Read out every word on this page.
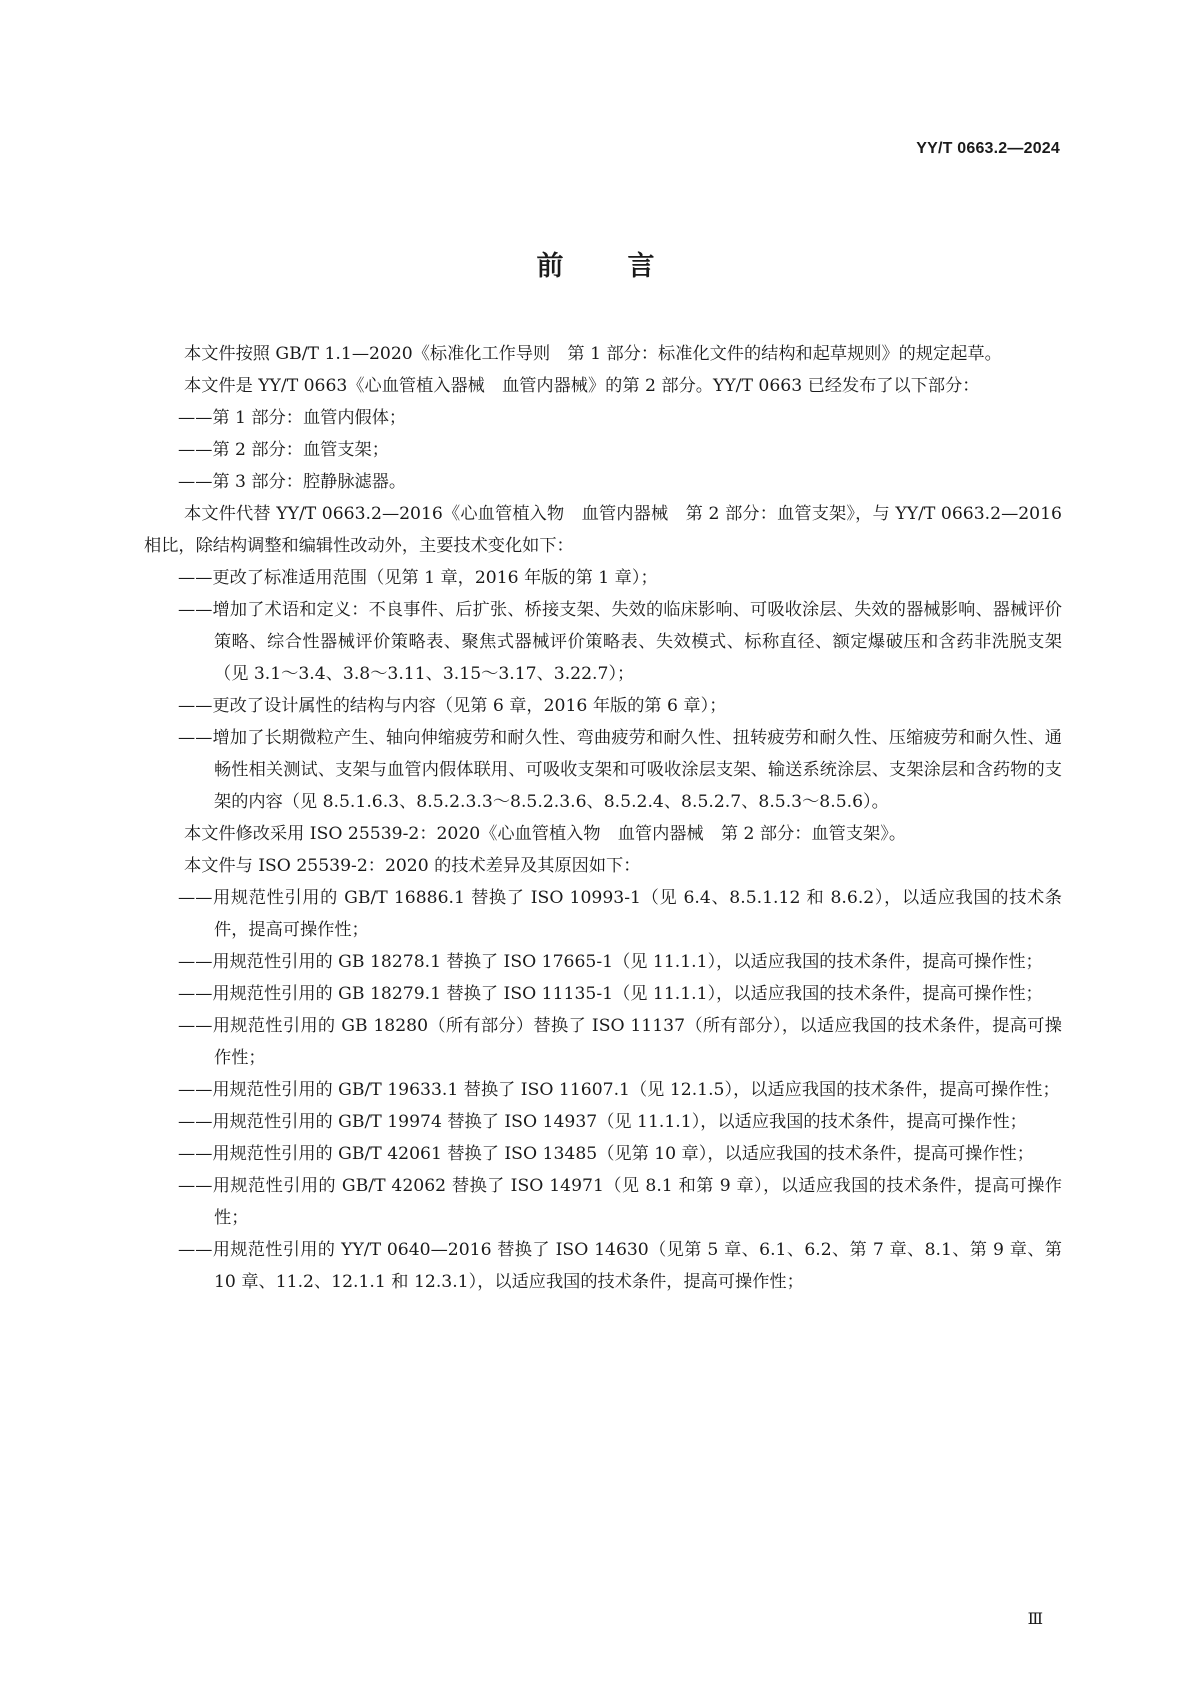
YY/T 0663.2—2024
前言

本文件按照 GB/T 1.1—2020《标准化工作导则　第 1 部分：标准化文件的结构和起草规则》的规定起草。

本文件是 YY/T 0663《心血管植入器械　血管内器械》的第 2 部分。YY/T 0663 已经发布了以下部分：

——第 1 部分：血管内假体；

——第 2 部分：血管支架；

——第 3 部分：腔静脉滤器。

本文件代替 YY/T 0663.2—2016《心血管植入物　血管内器械　第 2 部分：血管支架》，与 YY/T 0663.2—2016 相比，除结构调整和编辑性改动外，主要技术变化如下：

——更改了标准适用范围（见第 1 章，2016 年版的第 1 章）；

——增加了术语和定义：不良事件、后扩张、桥接支架、失效的临床影响、可吸收涂层、失效的器械影响、器械评价策略、综合性器械评价策略表、聚焦式器械评价策略表、失效模式、标称直径、额定爆破压和含药非洗脱支架（见 3.1～3.4、3.8～3.11、3.15～3.17、3.22.7）；

——更改了设计属性的结构与内容（见第 6 章，2016 年版的第 6 章）；

——增加了长期微粒产生、轴向伸缩疲劳和耐久性、弯曲疲劳和耐久性、扭转疲劳和耐久性、压缩疲劳和耐久性、通畅性相关测试、支架与血管内假体联用、可吸收支架和可吸收涂层支架、输送系统涂层、支架涂层和含药物的支架的内容（见 8.5.1.6.3、8.5.2.3.3～8.5.2.3.6、8.5.2.4、8.5.2.7、8.5.3～8.5.6）。

本文件修改采用 ISO 25539-2：2020《心血管植入物　血管内器械　第 2 部分：血管支架》。

本文件与 ISO 25539-2：2020 的技术差异及其原因如下：

——用规范性引用的 GB/T 16886.1 替换了 ISO 10993-1（见 6.4、8.5.1.12 和 8.6.2），以适应我国的技术条件，提高可操作性；

——用规范性引用的 GB 18278.1 替换了 ISO 17665-1（见 11.1.1），以适应我国的技术条件，提高可操作性；

——用规范性引用的 GB 18279.1 替换了 ISO 11135-1（见 11.1.1），以适应我国的技术条件，提高可操作性；

——用规范性引用的 GB 18280（所有部分）替换了 ISO 11137（所有部分），以适应我国的技术条件，提高可操作性；

——用规范性引用的 GB/T 19633.1 替换了 ISO 11607.1（见 12.1.5），以适应我国的技术条件，提高可操作性；

——用规范性引用的 GB/T 19974 替换了 ISO 14937（见 11.1.1），以适应我国的技术条件，提高可操作性；

——用规范性引用的 GB/T 42061 替换了 ISO 13485（见第 10 章），以适应我国的技术条件，提高可操作性；

——用规范性引用的 GB/T 42062 替换了 ISO 14971（见 8.1 和第 9 章），以适应我国的技术条件，提高可操作性；

——用规范性引用的 YY/T 0640—2016 替换了 ISO 14630（见第 5 章、6.1、6.2、第 7 章、8.1、第 9 章、第 10 章、11.2、12.1.1 和 12.3.1），以适应我国的技术条件，提高可操作性；

Ⅲ
